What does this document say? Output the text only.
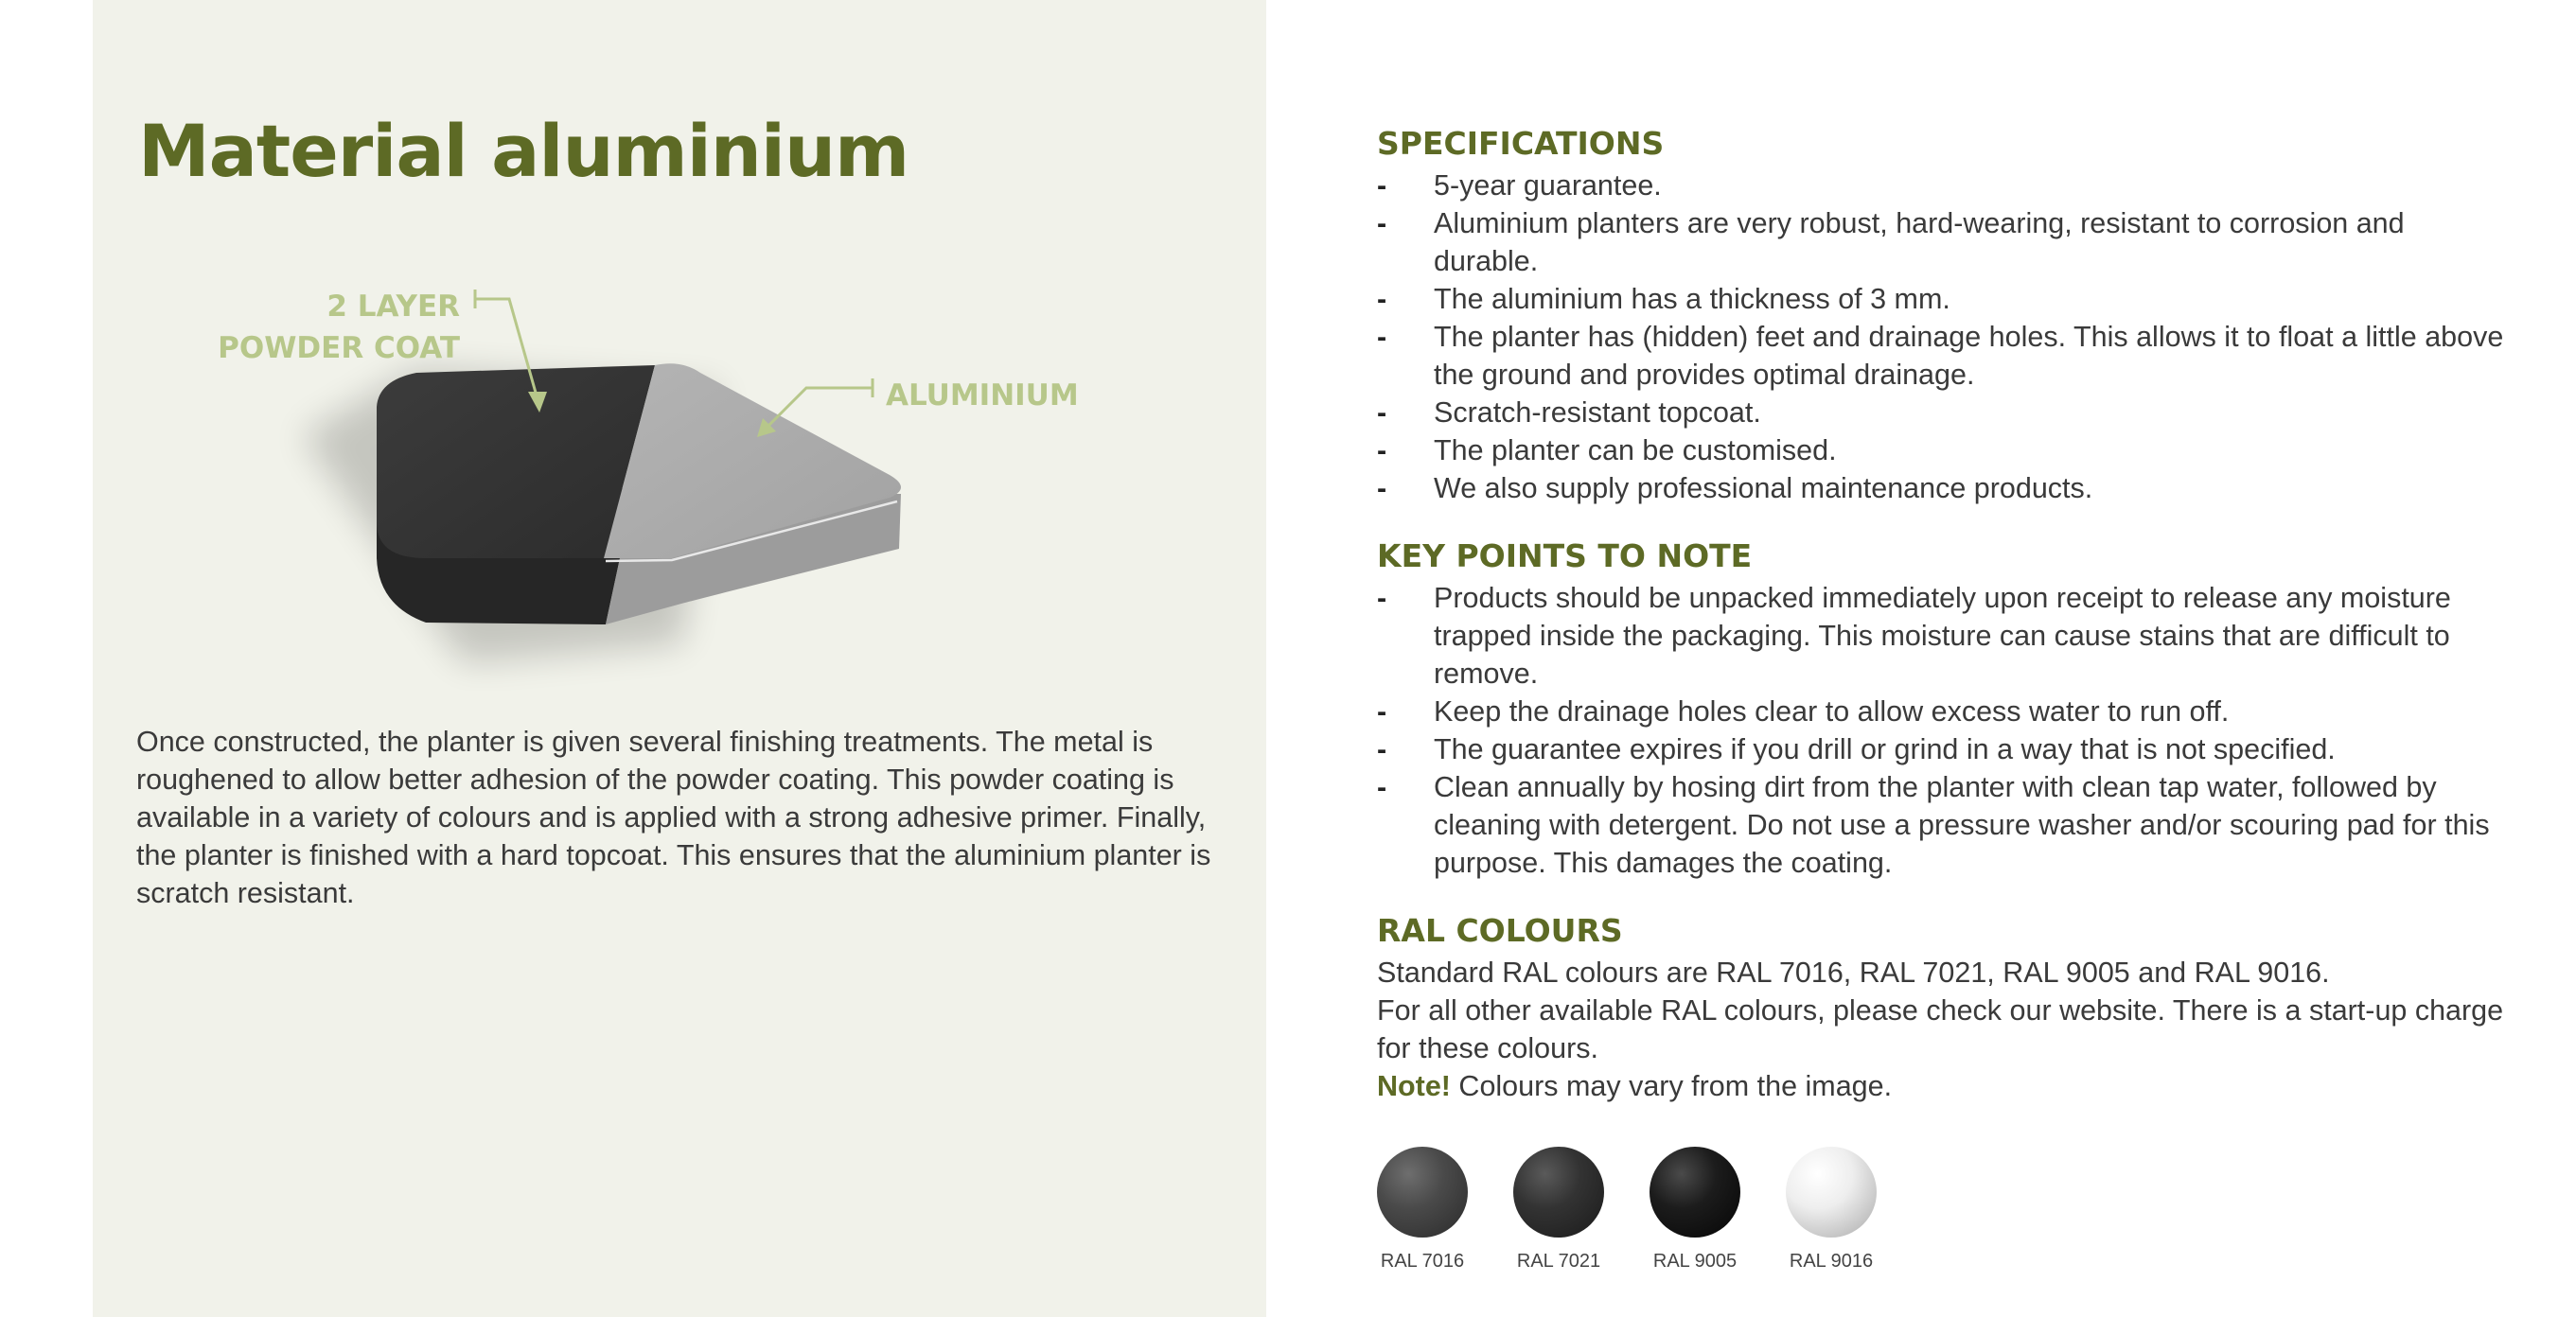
Material aluminium
2 LAYER
POWDER COAT
ALUMINIUM

Once constructed, the planter is given several finishing treatments. The metal is roughened to allow better adhesion of the powder coating. This powder coating is available in a variety of colours and is applied with a strong adhesive primer. Finally, the planter is finished with a hard topcoat. This ensures that the aluminium planter is scratch resistant.

SPECIFICATIONS
- 5-year guarantee.
- Aluminium planters are very robust, hard-wearing, resistant to corrosion and durable.
- The aluminium has a thickness of 3 mm.
- The planter has (hidden) feet and drainage holes. This allows it to float a little above the ground and provides optimal drainage.
- Scratch-resistant topcoat.
- The planter can be customised.
- We also supply professional maintenance products.
KEY POINTS TO NOTE
- Products should be unpacked immediately upon receipt to release any moisture trapped inside the packaging. This moisture can cause stains that are difficult to remove.
- Keep the drainage holes clear to allow excess water to run off.
- The guarantee expires if you drill or grind in a way that is not specified.
- Clean annually by hosing dirt from the planter with clean tap water, followed by cleaning with detergent. Do not use a pressure washer and/or scouring pad for this purpose. This damages the coating.
RAL COLOURS

Standard RAL colours are RAL 7016, RAL 7021, RAL 9005 and RAL 9016.

For all other available RAL colours, please check our website. There is a start-up charge for these colours.

Note! Colours may vary from the image.

RAL 7016	RAL 7021	RAL 9005	RAL 9016
